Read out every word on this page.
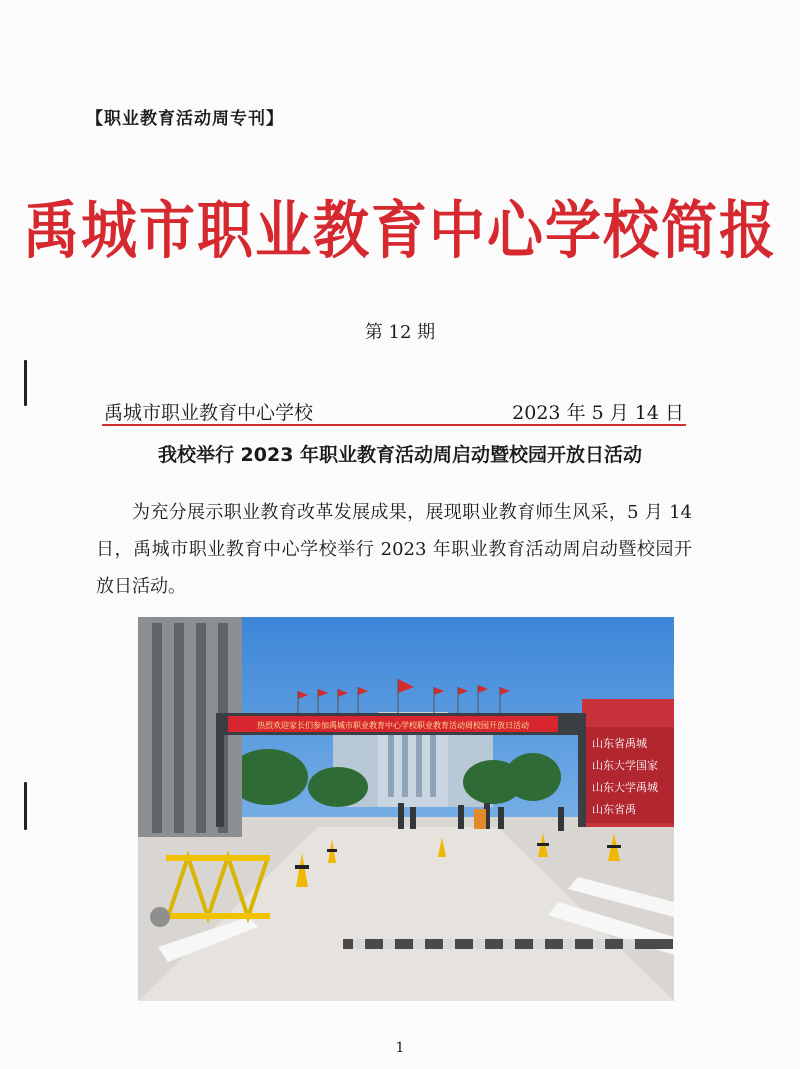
【职业教育活动周专刊】
禹城市职业教育中心学校简报
第 12 期
禹城市职业教育中心学校	2023 年 5 月 14 日
我校举行 2023 年职业教育活动周启动暨校园开放日活动
为充分展示职业教育改革发展成果，展现职业教育师生风采，5 月 14 日，禹城市职业教育中心学校举行 2023 年职业教育活动周启动暨校园开放日活动。
山东省禹城
山东大学国家
山东大学禹城
山东省禹
热烈欢迎家长们参加禹城市职业教育中心学校职业教育活动周校园开放日活动
1
